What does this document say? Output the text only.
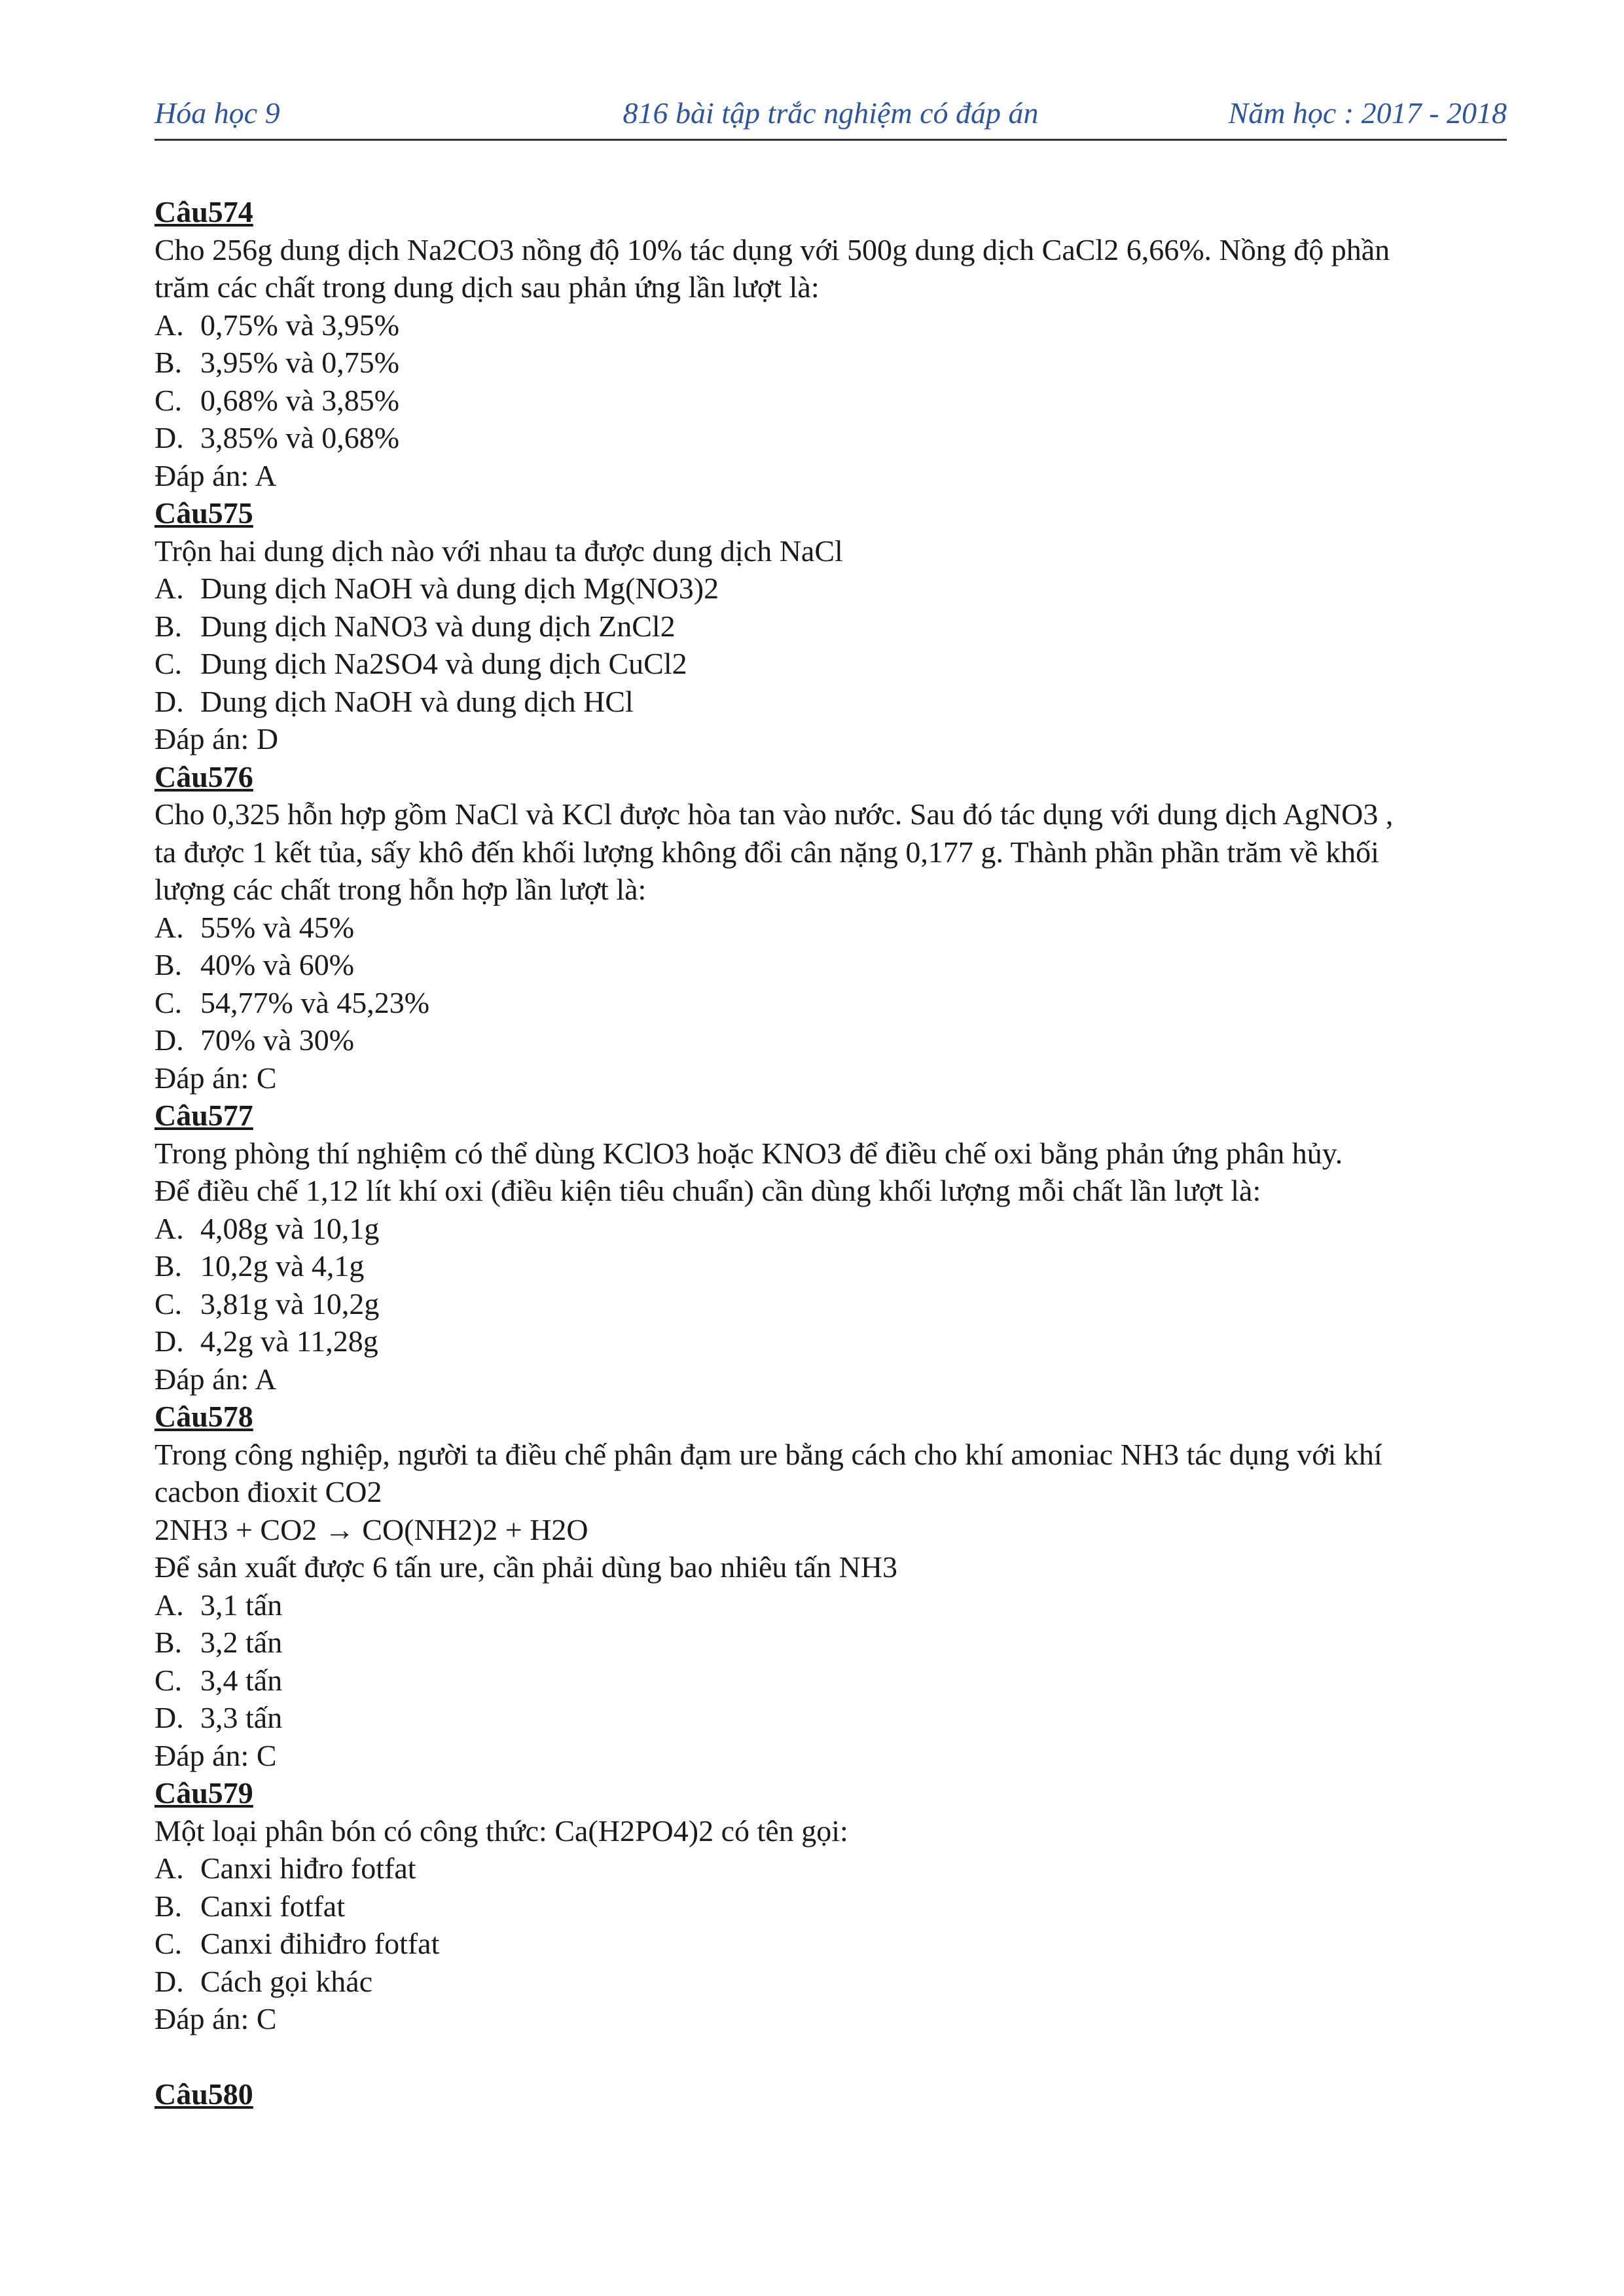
Hóa học 9	816 bài tập trắc nghiệm có đáp án	Năm học : 2017 - 2018
Câu574
Cho 256g dung dịch Na2CO3 nồng độ 10% tác dụng với 500g dung dịch CaCl2 6,66%. Nồng độ phần
trăm các chất trong dung dịch sau phản ứng lần lượt là:
A. 0,75% và 3,95%
B. 3,95% và 0,75%
C. 0,68% và 3,85%
D. 3,85% và 0,68%
Đáp án: A
Câu575
Trộn hai dung dịch nào với nhau ta được dung dịch NaCl
A. Dung dịch NaOH và dung dịch Mg(NO3)2
B. Dung dịch NaNO3 và dung dịch ZnCl2
C. Dung dịch Na2SO4 và dung dịch CuCl2
D. Dung dịch NaOH và dung dịch HCl
Đáp án: D
Câu576
Cho 0,325 hỗn hợp gồm NaCl và KCl được hòa tan vào nước. Sau đó tác dụng với dung dịch AgNO3 ,
ta được 1 kết tủa, sấy khô đến khối lượng không đổi cân nặng 0,177 g. Thành phần phần trăm về khối
lượng các chất trong hỗn hợp lần lượt là:
A. 55% và 45%
B. 40% và 60%
C. 54,77% và 45,23%
D. 70% và 30%
Đáp án: C
Câu577
Trong phòng thí nghiệm có thể dùng KClO3 hoặc KNO3 để điều chế oxi bằng phản ứng phân hủy.
Để điều chế 1,12 lít khí oxi (điều kiện tiêu chuẩn) cần dùng khối lượng mỗi chất lần lượt là:
A. 4,08g và 10,1g
B. 10,2g và 4,1g
C. 3,81g và 10,2g
D. 4,2g và 11,28g
Đáp án: A
Câu578
Trong công nghiệp, người ta điều chế phân đạm ure bằng cách cho khí amoniac NH3 tác dụng với khí
cacbon đioxit CO2
2NH3 + CO2 → CO(NH2)2 + H2O
Để sản xuất được 6 tấn ure, cần phải dùng bao nhiêu tấn NH3
A. 3,1 tấn
B. 3,2 tấn
C. 3,4 tấn
D. 3,3 tấn
Đáp án: C
Câu579
Một loại phân bón có công thức: Ca(H2PO4)2 có tên gọi:
A. Canxi hiđro fotfat
B. Canxi fotfat
C. Canxi đihiđro fotfat
D. Cách gọi khác
Đáp án: C
Câu580
